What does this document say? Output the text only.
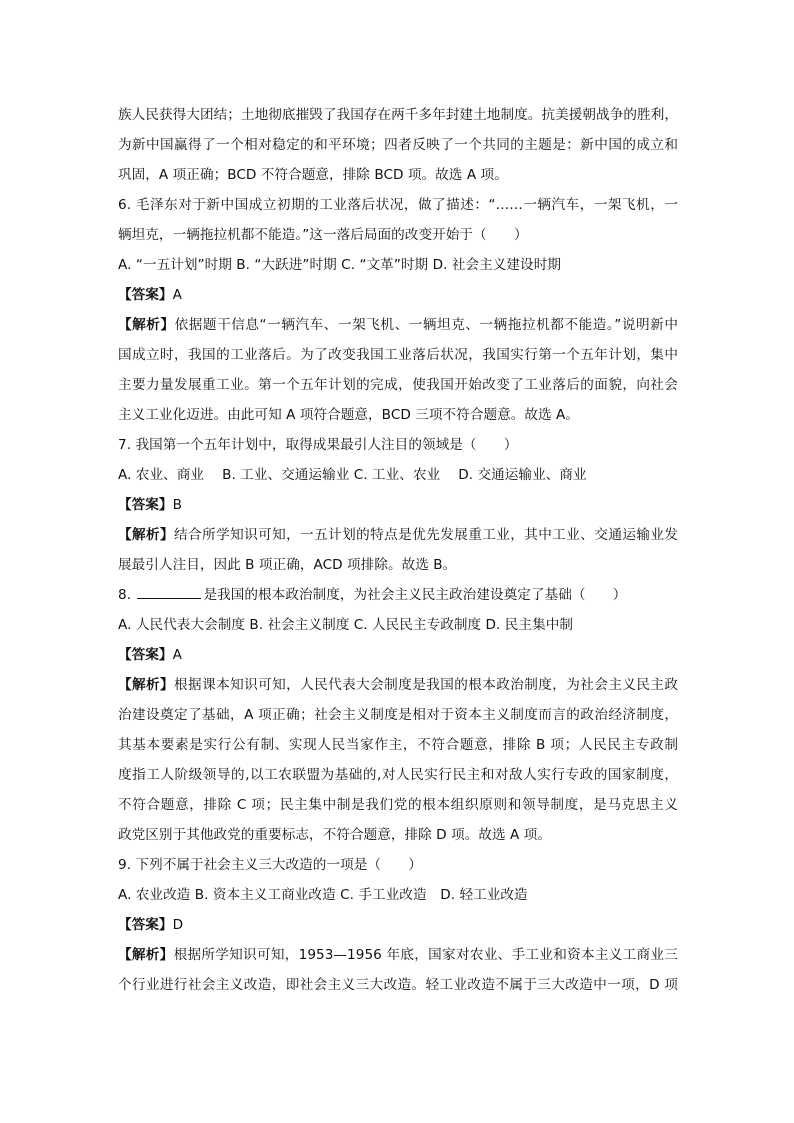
族人民获得大团结；土地彻底摧毁了我国存在两千多年封建土地制度。抗美援朝战争的胜利，
为新中国赢得了一个相对稳定的和平环境；四者反映了一个共同的主题是：新中国的成立和
巩固，A 项正确；BCD 不符合题意，排除 BCD 项。故选 A 项。
6. 毛泽东对于新中国成立初期的工业落后状况，做了描述：“……一辆汽车，一架飞机，一
辆坦克，一辆拖拉机都不能造。”这一落后局面的改变开始于（　　）
A. “一五计划”时期 B. “大跃进”时期 C. “文革”时期 D. 社会主义建设时期
【答案】A
【解析】依据题干信息“一辆汽车、一架飞机、一辆坦克、一辆拖拉机都不能造。”说明新中
国成立时，我国的工业落后。为了改变我国工业落后状况，我国实行第一个五年计划，集中
主要力量发展重工业。第一个五年计划的完成，使我国开始改变了工业落后的面貌，向社会
主义工业化迈进。由此可知 A 项符合题意，BCD 三项不符合题意。故选 A。
7. 我国第一个五年计划中，取得成果最引人注目的领域是（　　）
A. 农业、商业　 B. 工业、交通运输业 C. 工业、农业　 D. 交通运输业、商业
【答案】B
【解析】结合所学知识可知，一五计划的特点是优先发展重工业，其中工业、交通运输业发
展最引人注目，因此 B 项正确，ACD 项排除。故选 B。
8.	是我国的根本政治制度，为社会主义民主政治建设奠定了基础（　　）
A. 人民代表大会制度 B. 社会主义制度 C. 人民民主专政制度 D. 民主集中制
【答案】A
【解析】根据课本知识可知，人民代表大会制度是我国的根本政治制度，为社会主义民主政
治建设奠定了基础，A 项正确；社会主义制度是相对于资本主义制度而言的政治经济制度，
其基本要素是实行公有制、实现人民当家作主，不符合题意，排除 B 项；人民民主专政制
度指工人阶级领导的,以工农联盟为基础的,对人民实行民主和对敌人实行专政的国家制度，
不符合题意，排除 C 项；民主集中制是我们党的根本组织原则和领导制度，是马克思主义
政党区别于其他政党的重要标志，不符合题意，排除 D 项。故选 A 项。
9. 下列不属于社会主义三大改造的一项是（　　）
A. 农业改造 B. 资本主义工商业改造 C. 手工业改造　D. 轻工业改造
【答案】D
【解析】根据所学知识可知，1953—1956 年底，国家对农业、手工业和资本主义工商业三
个行业进行社会主义改造，即社会主义三大改造。轻工业改造不属于三大改造中一项，D 项
